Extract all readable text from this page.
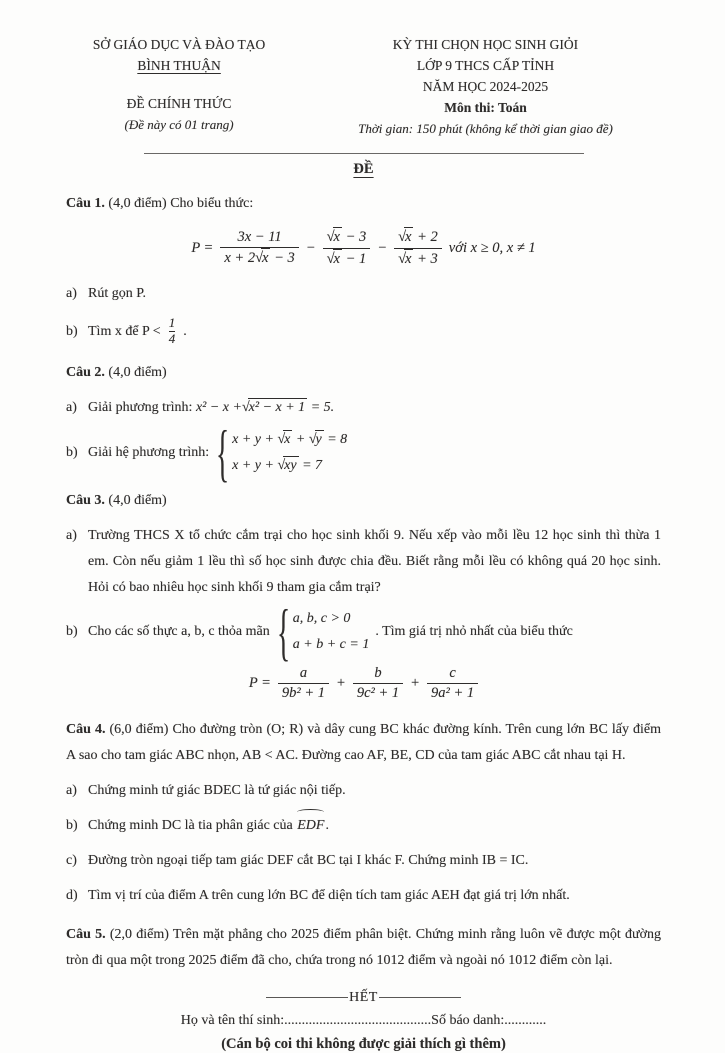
SỞ GIÁO DỤC VÀ ĐÀO TẠO
BÌNH THUẬN
ĐỀ CHÍNH THỨC
(Đề này có 01 trang)
KỲ THI CHỌN HỌC SINH GIỎI
LỚP 9 THCS CẤP TỈNH
NĂM HỌC 2024-2025
Môn thi: Toán
Thời gian: 150 phút (không kể thời gian giao đề)
ĐỀ
Câu 1. (4,0 điểm) Cho biểu thức:
$P = \frac{3x - 11}{x + 2 √ x - 3}$ − √ x − 3
√ x − 1 − √ x + 2
√ x + 3 với x ≥ 0, x ≠ 1
a) Rút gọn P.
b) Tìm x để $P < \frac{1}{4}$ .
Câu 2. (4,0 điểm)
a) Giải phương trình: x² − x + √ x² − x + 1 = 5.
b) Giải hệ phương trình:
{ x + y + √ x + √ y = 8
x + y + √ xy = 7
Câu 3. (4,0 điểm)
a) Trường THCS X tổ chức cắm trại cho học sinh khối 9. Nếu xếp vào mỗi lều 12 học sinh thì thừa 1 em. Còn nếu giảm 1 lều thì số học sinh được chia đều. Biết rằng mỗi lều có không quá 20 học sinh. Hỏi có bao nhiêu học sinh khối 9 tham gia cắm trại?
b) Cho các số thực a, b, c thỏa mãn
{ a, b, c > 0
a + b + c = 1
. Tìm giá trị nhỏ nhất của biểu thức
$P = \frac{a}{\text{9b² + 1}} + \frac{b}{\text{9c² + 1}} + \frac{c}{\text{9a² + 1}}$
Câu 4. (6,0 điểm) Cho đường tròn (O; R) và dây cung BC khác đường kính. Trên cung lớn BC lấy điểm A sao cho tam giác ABC nhọn, AB < AC. Đường cao AF, BE, CD của tam giác ABC cắt nhau tại H.
a) Chứng minh tứ giác BDEC là tứ giác nội tiếp.
b) Chứng minh DC là tia phân giác của EDF.
c) Đường tròn ngoại tiếp tam giác DEF cắt BC tại I khác F. Chứng minh IB = IC.
d) Tìm vị trí của điểm A trên cung lớn BC để diện tích tam giác AEH đạt giá trị lớn nhất.
Câu 5. (2,0 điểm) Trên mặt phẳng cho 2025 điểm phân biệt. Chứng minh rằng luôn vẽ được một đường tròn đi qua một trong 2025 điểm đã cho, chứa trong nó 1012 điểm và ngoài nó 1012 điểm còn lại.
HẾT
Họ và tên thí sinh:..........................................Số báo danh:............
(Cán bộ coi thi không được giải thích gì thêm)
